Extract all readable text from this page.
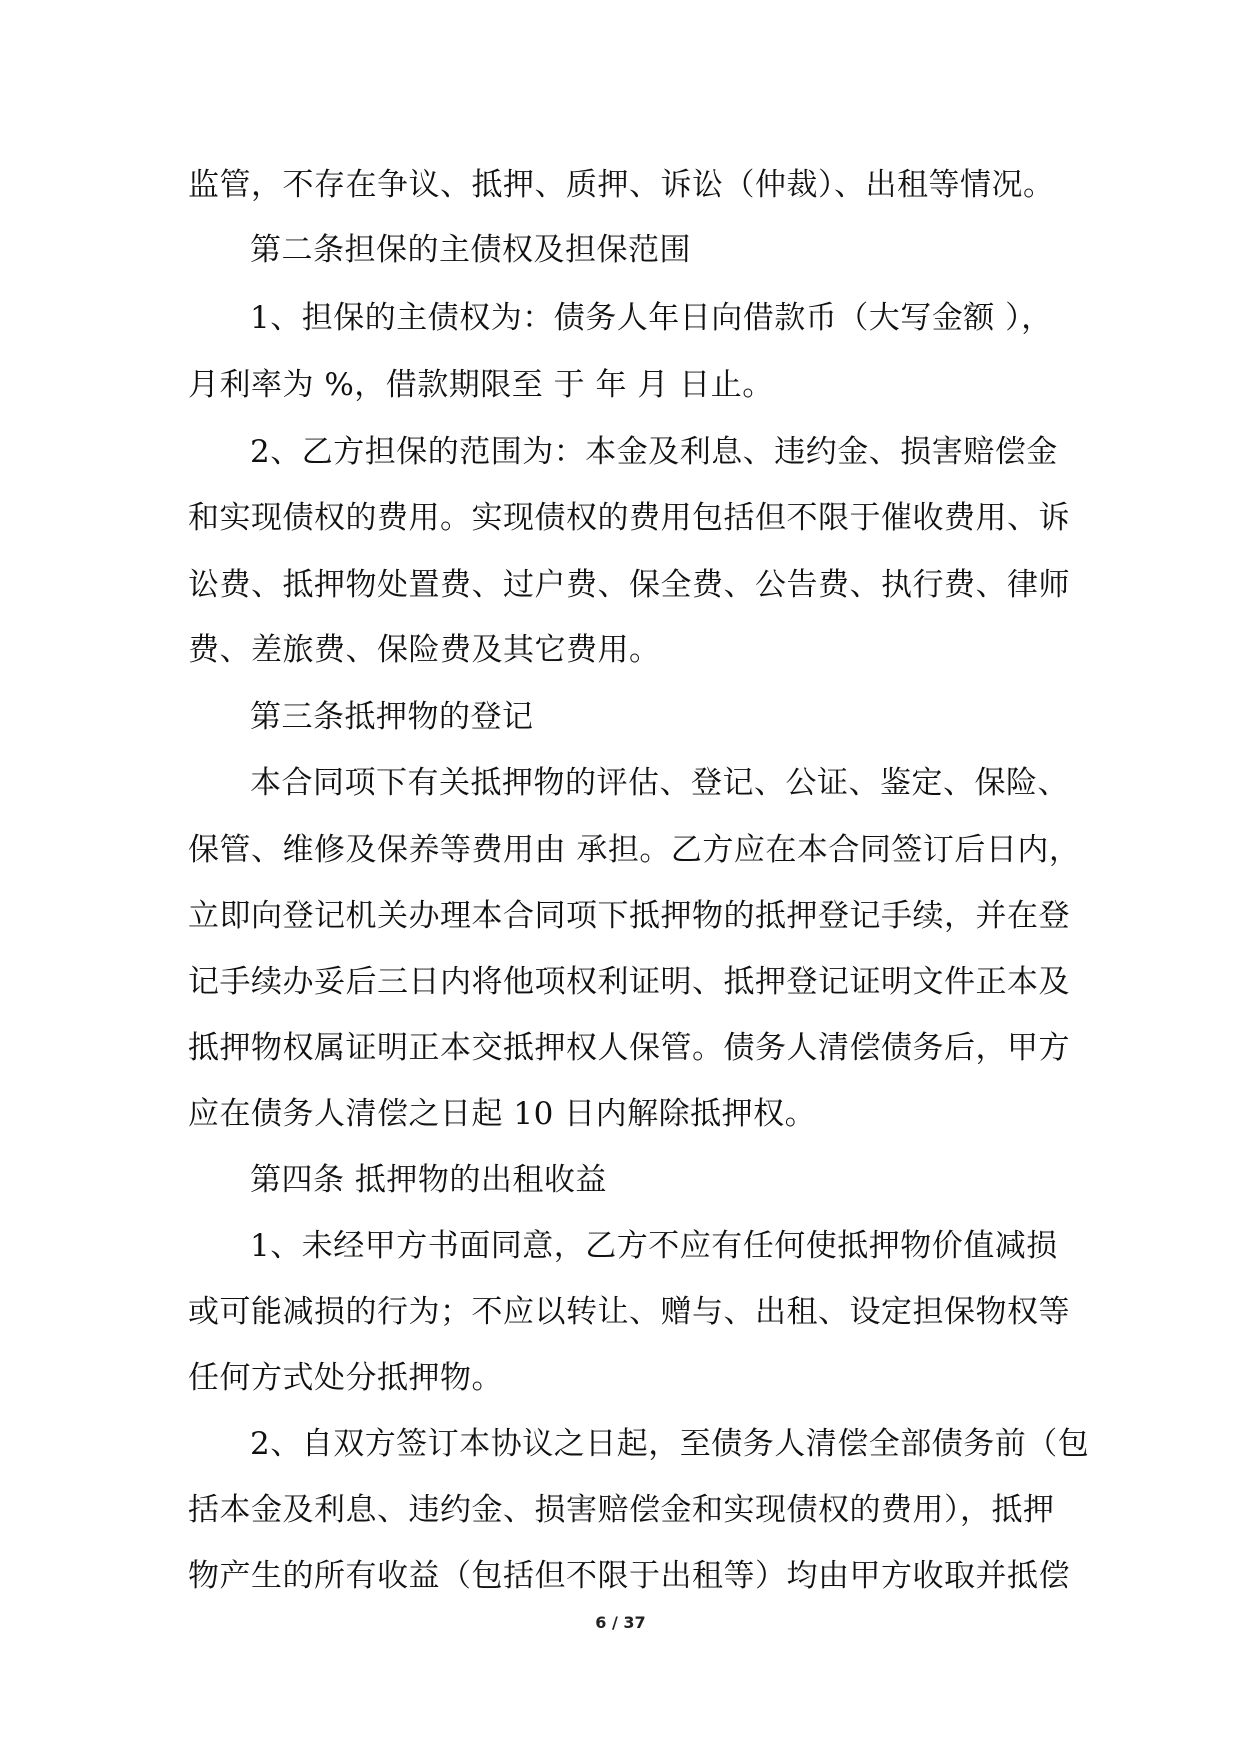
监管，不存在争议、抵押、质押、诉讼（仲裁）、出租等情况。
第二条担保的主债权及担保范围
1、担保的主债权为：债务人年日向借款币（大写金额 ），
月利率为 %，借款期限至 于 年 月 日止。
2、乙方担保的范围为：本金及利息、违约金、损害赔偿金
和实现债权的费用。实现债权的费用包括但不限于催收费用、诉
讼费、抵押物处置费、过户费、保全费、公告费、执行费、律师
费、差旅费、保险费及其它费用。
第三条抵押物的登记
本合同项下有关抵押物的评估、登记、公证、鉴定、保险、
保管、维修及保养等费用由 承担。乙方应在本合同签订后日内，
立即向登记机关办理本合同项下抵押物的抵押登记手续，并在登
记手续办妥后三日内将他项权利证明、抵押登记证明文件正本及
抵押物权属证明正本交抵押权人保管。债务人清偿债务后，甲方
应在债务人清偿之日起 10 日内解除抵押权。
第四条 抵押物的出租收益
1、未经甲方书面同意，乙方不应有任何使抵押物价值减损
或可能减损的行为；不应以转让、赠与、出租、设定担保物权等
任何方式处分抵押物。
2、自双方签订本协议之日起，至债务人清偿全部债务前（包
括本金及利息、违约金、损害赔偿金和实现债权的费用），抵押
物产生的所有收益（包括但不限于出租等）均由甲方收取并抵偿
6 / 37
